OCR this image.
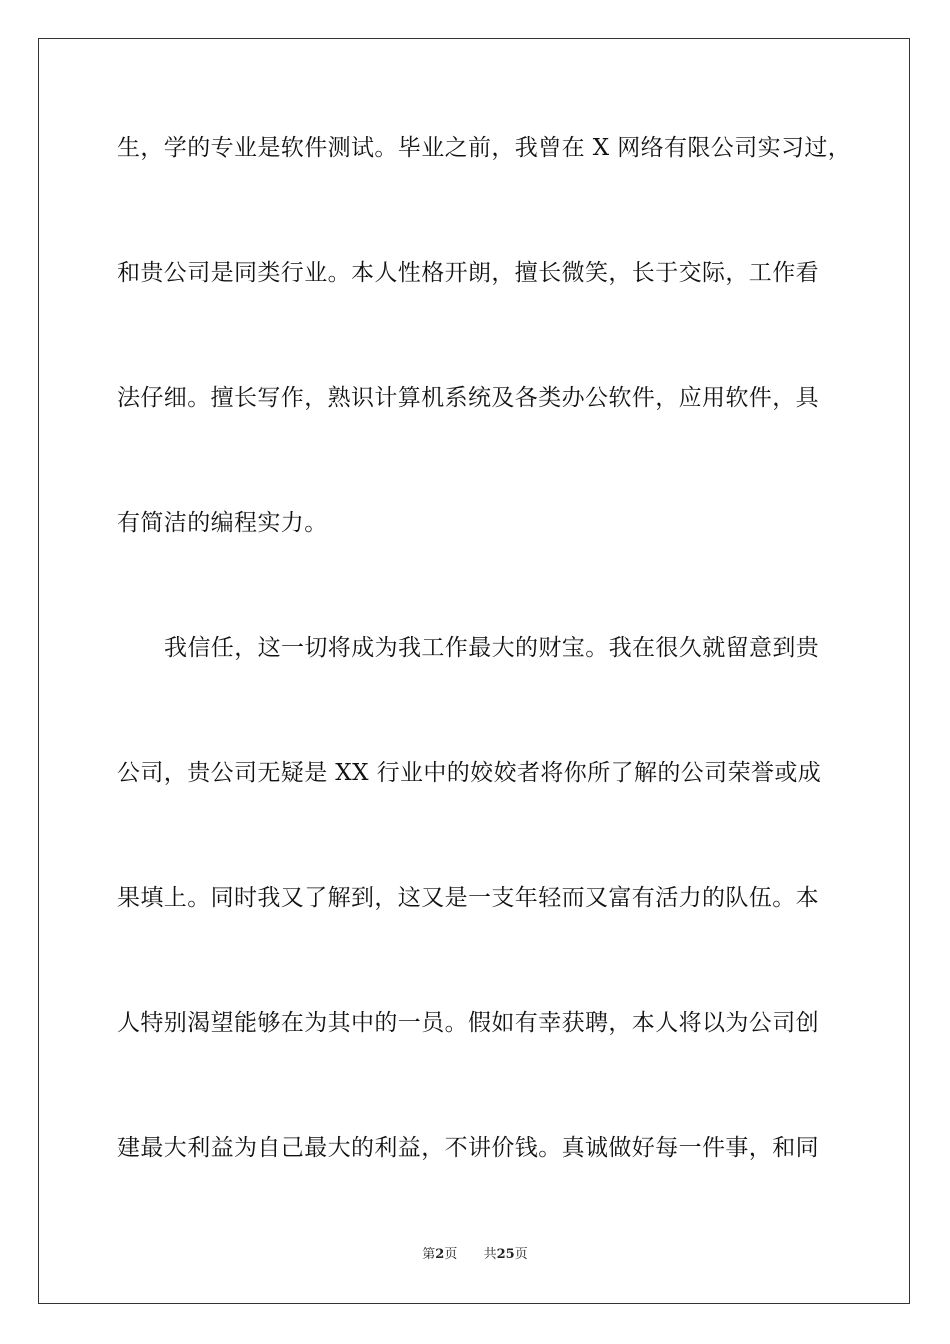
生，学的专业是软件测试。毕业之前，我曾在 X 网络有限公司实习过，
和贵公司是同类行业。本人性格开朗，擅长微笑，长于交际，工作看
法仔细。擅长写作，熟识计算机系统及各类办公软件，应用软件，具
有简洁的编程实力。
我信任，这一切将成为我工作最大的财宝。我在很久就留意到贵
公司，贵公司无疑是 XX 行业中的姣姣者将你所了解的公司荣誉或成
果填上。同时我又了解到，这又是一支年轻而又富有活力的队伍。本
人特别渴望能够在为其中的一员。假如有幸获聘，本人将以为公司创
建最大利益为自己最大的利益，不讲价钱。真诚做好每一件事，和同
第2页 共25页
